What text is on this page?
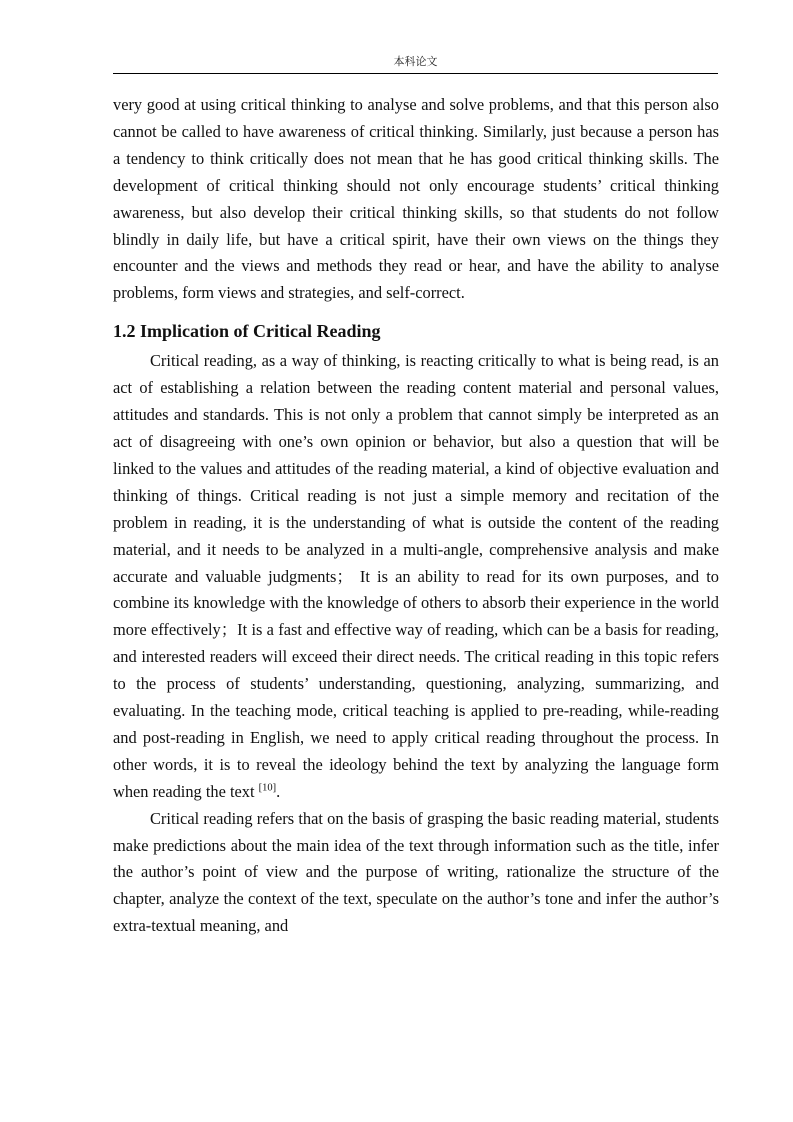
本科论文

very good at using critical thinking to analyse and solve problems, and that this person also cannot be called to have awareness of critical thinking. Similarly, just because a person has a tendency to think critically does not mean that he has good critical thinking skills. The development of critical thinking should not only encourage students’ critical thinking awareness, but also develop their critical thinking skills, so that students do not follow blindly in daily life, but have a critical spirit, have their own views on the things they encounter and the views and methods they read or hear, and have the ability to analyse problems, form views and strategies, and self-correct.

1.2 Implication of Critical Reading

Critical reading, as a way of thinking, is reacting critically to what is being read, is an act of establishing a relation between the reading content material and personal values, attitudes and standards. This is not only a problem that cannot simply be interpreted as an act of disagreeing with one’s own opinion or behavior, but also a question that will be linked to the values and attitudes of the reading material, a kind of objective evaluation and thinking of things. Critical reading is not just a simple memory and recitation of the problem in reading, it is the understanding of what is outside the content of the reading material, and it needs to be analyzed in a multi-angle, comprehensive analysis and make accurate and valuable judgments； It is an ability to read for its own purposes, and to combine its knowledge with the knowledge of others to absorb their experience in the world more effectively；It is a fast and effective way of reading, which can be a basis for reading, and interested readers will exceed their direct needs. The critical reading in this topic refers to the process of students’ understanding, questioning, analyzing, summarizing, and evaluating. In the teaching mode, critical teaching is applied to pre-reading, while-reading and post-reading in English, we need to apply critical reading throughout the process. In other words, it is to reveal the ideology behind the text by analyzing the language form when reading the text [10].

Critical reading refers that on the basis of grasping the basic reading material, students make predictions about the main idea of the text through information such as the title, infer the author’s point of view and the purpose of writing, rationalize the structure of the chapter, analyze the context of the text, speculate on the author’s tone and infer the author’s extra-textual meaning, and
